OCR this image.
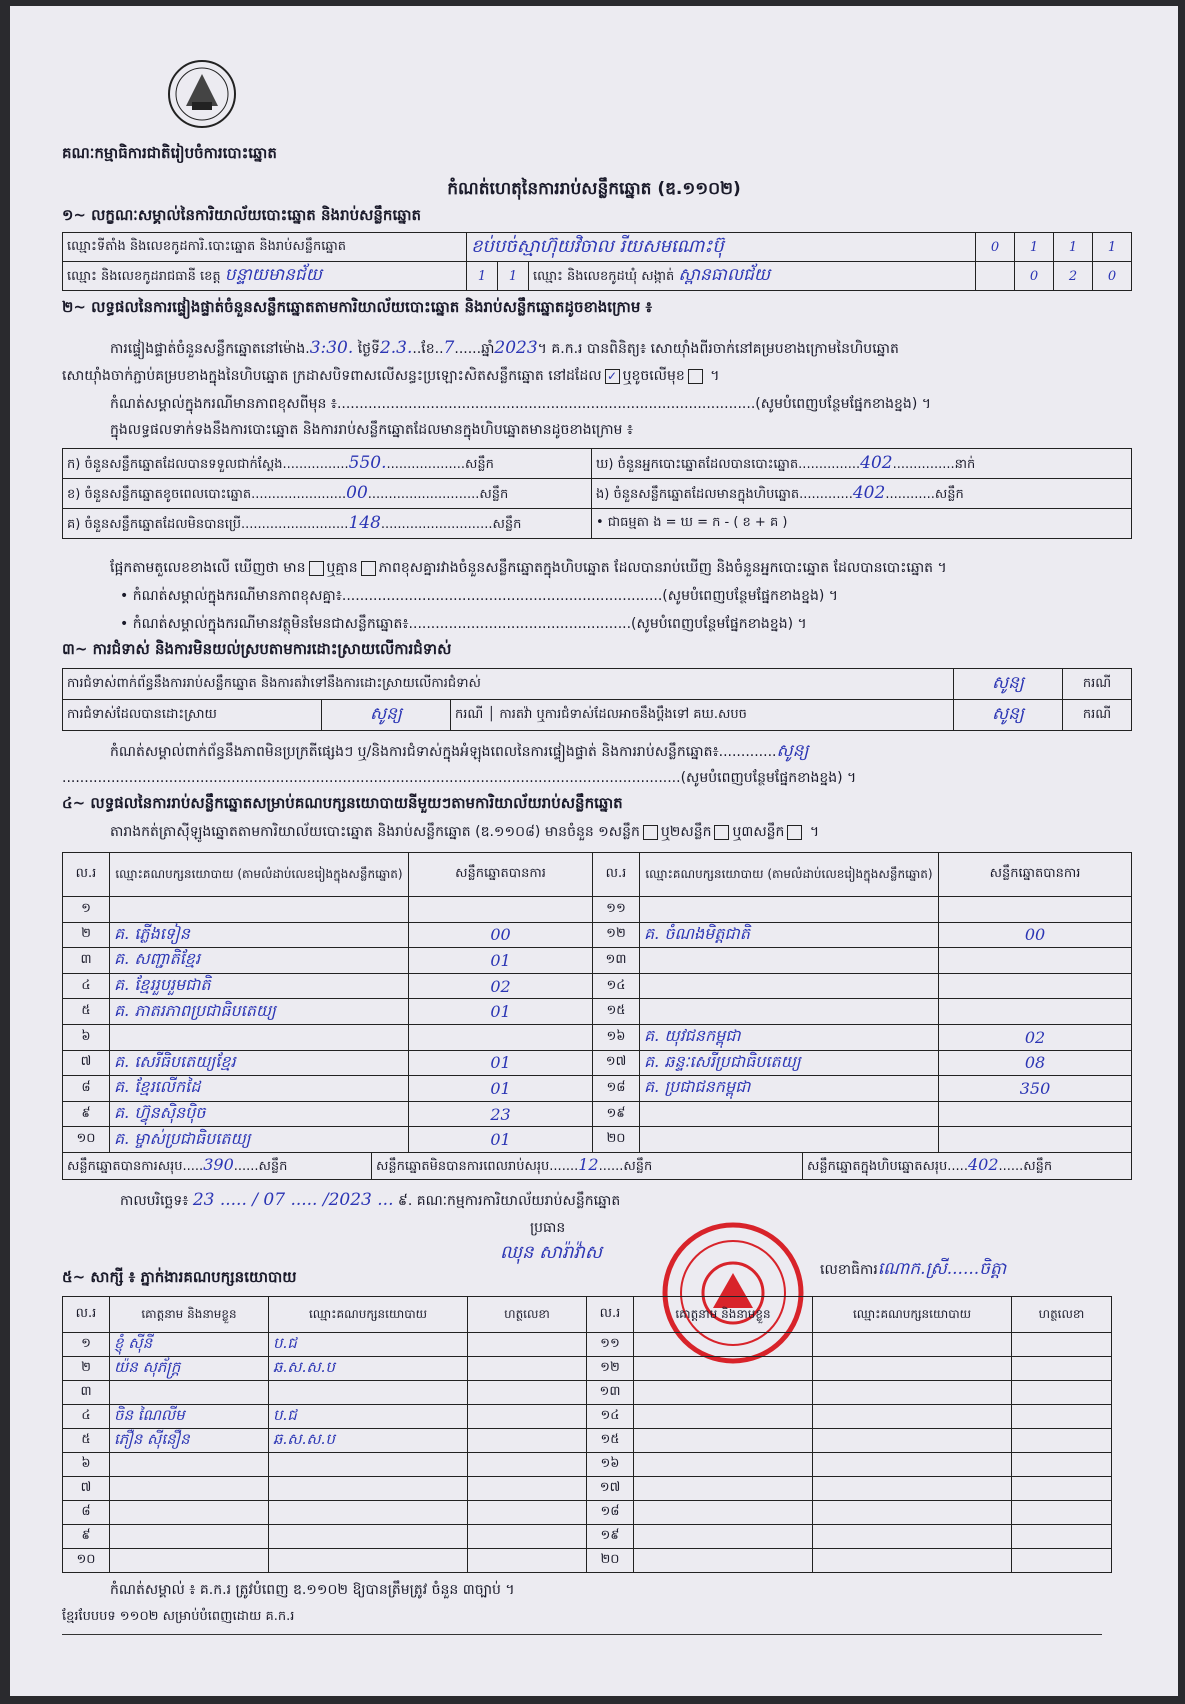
គណៈកម្មាធិការជាតិរៀបចំការបោះឆ្នោត
កំណត់ហេតុនៃការរាប់សន្លឹកឆ្នោត (ឌ.១១០២)
១~ លក្ខណៈសម្គាល់នៃការិយាល័យបោះឆ្នោត និងរាប់សន្លឹកឆ្នោត
ឈ្មោះទីតាំង និងលេខកូដការិ.បោះឆ្នោត និងរាប់សន្លឹកឆ្នោត	ខប់បច់ស្មាហ៊ុយវិចាល រីយសមណោះប៊ុ			0	1	1	1
ឈ្មោះ និងលេខកូដរាជធានី ខេត្ត បន្ទាយមានជ័យ	1	1	ឈ្មោះ និងលេខកូដឃុំ សង្កាត់ ស្ពានធាលជ័យ		0	2	0
២~ លទ្ធផលនៃការផ្ទៀងផ្ទាត់ចំនួនសន្លឹកឆ្នោតតាមការិយាល័យបោះឆ្នោត និងរាប់សន្លឹកឆ្នោតដូចខាងក្រោម ៖
ការផ្ទៀងផ្ទាត់ចំនួនសន្លឹកឆ្នោតនៅម៉ោង.3:30. ថ្ងៃទី2.3...ខែ..7......ឆ្នាំ2023។ គ.ក.រ បានពិនិត្យ៖ សោយ៉ាំងពីរចាក់នៅគម្របខាងក្រោមនៃហិបឆ្នោត
សោយ៉ាំងចាក់ភ្ជាប់គម្របខាងក្នុងនៃហិបឆ្នោត ក្រដាសបិទពាសលើសន្ធះប្រឡោះសិតសន្លឹកឆ្នោត នៅដដែល ✓ ឬខូចលើមុខ ។
កំណត់សម្គាល់ក្នុងករណីមានភាពខុសពីមុន ៖..............................................................................................(សូមបំពេញបន្ថែមផ្នែកខាងខ្នង) ។
ក្នុងលទ្ធផលទាក់ទងនឹងការបោះឆ្នោត និងការរាប់សន្លឹកឆ្នោតដែលមានក្នុងហិបឆ្នោតមានដូចខាងក្រោម ៖
ក) ចំនួនសន្លឹកឆ្នោតដែលបានទទួលជាក់ស្តែង................550....................សន្លឹក	ឃ) ចំនួនអ្នកបោះឆ្នោតដែលបានបោះឆ្នោត...............402...............នាក់
ខ) ចំនួនសន្លឹកឆ្នោតខូចពេលបោះឆ្នោត.......................00...........................សន្លឹក	ង) ចំនួនសន្លឹកឆ្នោតដែលមានក្នុងហិបឆ្នោត.............402............សន្លឹក
គ) ចំនួនសន្លឹកឆ្នោតដែលមិនបានប្រើ..........................148...........................សន្លឹក	• ជាធម្មតា ង = ឃ = ក - ( ខ + គ )
ផ្អែកតាមតួលេខខាងលើ ឃើញថា មាន ឬគ្មាន ភាពខុសគ្នារវាងចំនួនសន្លឹកឆ្នោតក្នុងហិបឆ្នោត ដែលបានរាប់ឃើញ និងចំនួនអ្នកបោះឆ្នោត ដែលបានបោះឆ្នោត ។
• កំណត់សម្គាល់ក្នុងករណីមានភាពខុសគ្នា៖........................................................................(សូមបំពេញបន្ថែមផ្នែកខាងខ្នង) ។
• កំណត់សម្គាល់ក្នុងករណីមានវត្ថុមិនមែនជាសន្លឹកឆ្នោត៖..................................................(សូមបំពេញបន្ថែមផ្នែកខាងខ្នង) ។
៣~ ការជំទាស់ និងការមិនយល់ស្របតាមការដោះស្រាយលើការជំទាស់
ការជំទាស់ពាក់ព័ន្ធនឹងការរាប់សន្លឹកឆ្នោត និងការតវ៉ាទៅនឹងការដោះស្រាយលើការជំទាស់			សូន្យ	ករណី
ការជំទាស់ដែលបានដោះស្រាយ	សូន្យ	ករណី │ ការតវ៉ា ឬការជំទាស់ដែលអាចនឹងប្តឹងទៅ គឃ.សបច	សូន្យ	ករណី
កំណត់សម្គាល់ពាក់ព័ន្ធនឹងភាពមិនប្រក្រតីផ្សេងៗ ឬ/និងការជំទាស់ក្នុងអំឡុងពេលនៃការផ្ទៀងផ្ទាត់ និងការរាប់សន្លឹកឆ្នោត៖.............សូន្យ
...........................................................................................................................................(សូមបំពេញបន្ថែមផ្នែកខាងខ្នង) ។
៤~ លទ្ធផលនៃការរាប់សន្លឹកឆ្នោតសម្រាប់គណបក្សនយោបាយនីមួយៗតាមការិយាល័យរាប់សន្លឹកឆ្នោត
តារាងកត់ត្រាស៊ីឡូងឆ្នោតតាមការិយាល័យបោះឆ្នោត និងរាប់សន្លឹកឆ្នោត (ឌ.១១០៨) មានចំនួន ១សន្លឹក ឬ២សន្លឹក ឬ៣សន្លឹក ។
ល.រ	ឈ្មោះគណបក្សនយោបាយ (តាមលំដាប់លេខរៀងក្នុងសន្លឹកឆ្នោត)	សន្លឹកឆ្នោតបានការ	ល.រ	ឈ្មោះគណបក្សនយោបាយ (តាមលំដាប់លេខរៀងក្នុងសន្លឹកឆ្នោត)	សន្លឹកឆ្នោតបានការ
១			១១		
២	គ. ភ្លើងទៀន	00	១២	គ. ចំណងមិត្តជាតិ	00
៣	គ. សញ្ជាតិខ្មែរ	01	១៣		
៤	គ. ខ្មែររួបរួមជាតិ	02	១៤		
៥	គ. ភាតរភាពប្រជាធិបតេយ្យ	01	១៥		
៦			១៦	គ. យុវជនកម្ពុជា	02
៧	គ. សេរីធិបតេយ្យខ្មែរ	01	១៧	គ. ឆន្ទៈសេរីប្រជាធិបតេយ្យ	08
៨	គ. ខ្មែរលេីកដៃ	01	១៨	គ. ប្រជាជនកម្ពុជា	350
៩	គ. ហ៊្វុនស៊ិនប៉ិច	23	១៩		
១០	គ. ម្ចាស់ប្រជាធិបតេយ្យ	01	២០		
សន្លឹកឆ្នោតបានការសរុប.....390......សន្លឹក	សន្លឹកឆ្នោតមិនបានការពេលរាប់សរុប.......12......សន្លឹក	សន្លឹកឆ្នោតក្នុងហិបឆ្នោតសរុប.....402......សន្លឹក
កាលបរិច្ឆេទ៖ 23 ..... / 07 ..... /2023 ... ៩. គណៈកម្មការការិយាល័យរាប់សន្លឹកឆ្នោត
ប្រធាន
ឈុន សារ៉ាវ៉ាស
លេខាធិការណោក.ស្រី......ចិត្តា
៥~ សាក្សី ៖ ភ្នាក់ងារគណបក្សនយោបាយ
ល.រ	គោត្តនាម និងនាមខ្លួន	ឈ្មោះគណបក្សនយោបាយ	ហត្ថលេខា	ល.រ	គោត្តនាម និងនាមខ្លួន	ឈ្មោះគណបក្សនយោបាយ	ហត្ថលេខា
១	ខ្ញុំ ស៊ីនី	ប.ជ		១១			
២	យ៉ន សុភ័ក្ត្រ	ឆ.ស.ស.ប		១២			
៣				១៣			
៤	ចិន ណៃលីម	ប.ជ		១៤			
៥	ភឿន ស៊ីនឿន	ឆ.ស.ស.ប		១៥			
៦				១៦			
៧				១៧			
៨				១៨			
៩				១៩			
១០				២០			
កំណត់សម្គាល់ ៖ គ.ក.រ ត្រូវបំពេញ ឌ.១១០២ ឱ្យបានត្រឹមត្រូវ ចំនួន ៣ច្បាប់ ។
ខ្មែរបែបបទ ១១០២ សម្រាប់បំពេញដោយ គ.ក.រ
